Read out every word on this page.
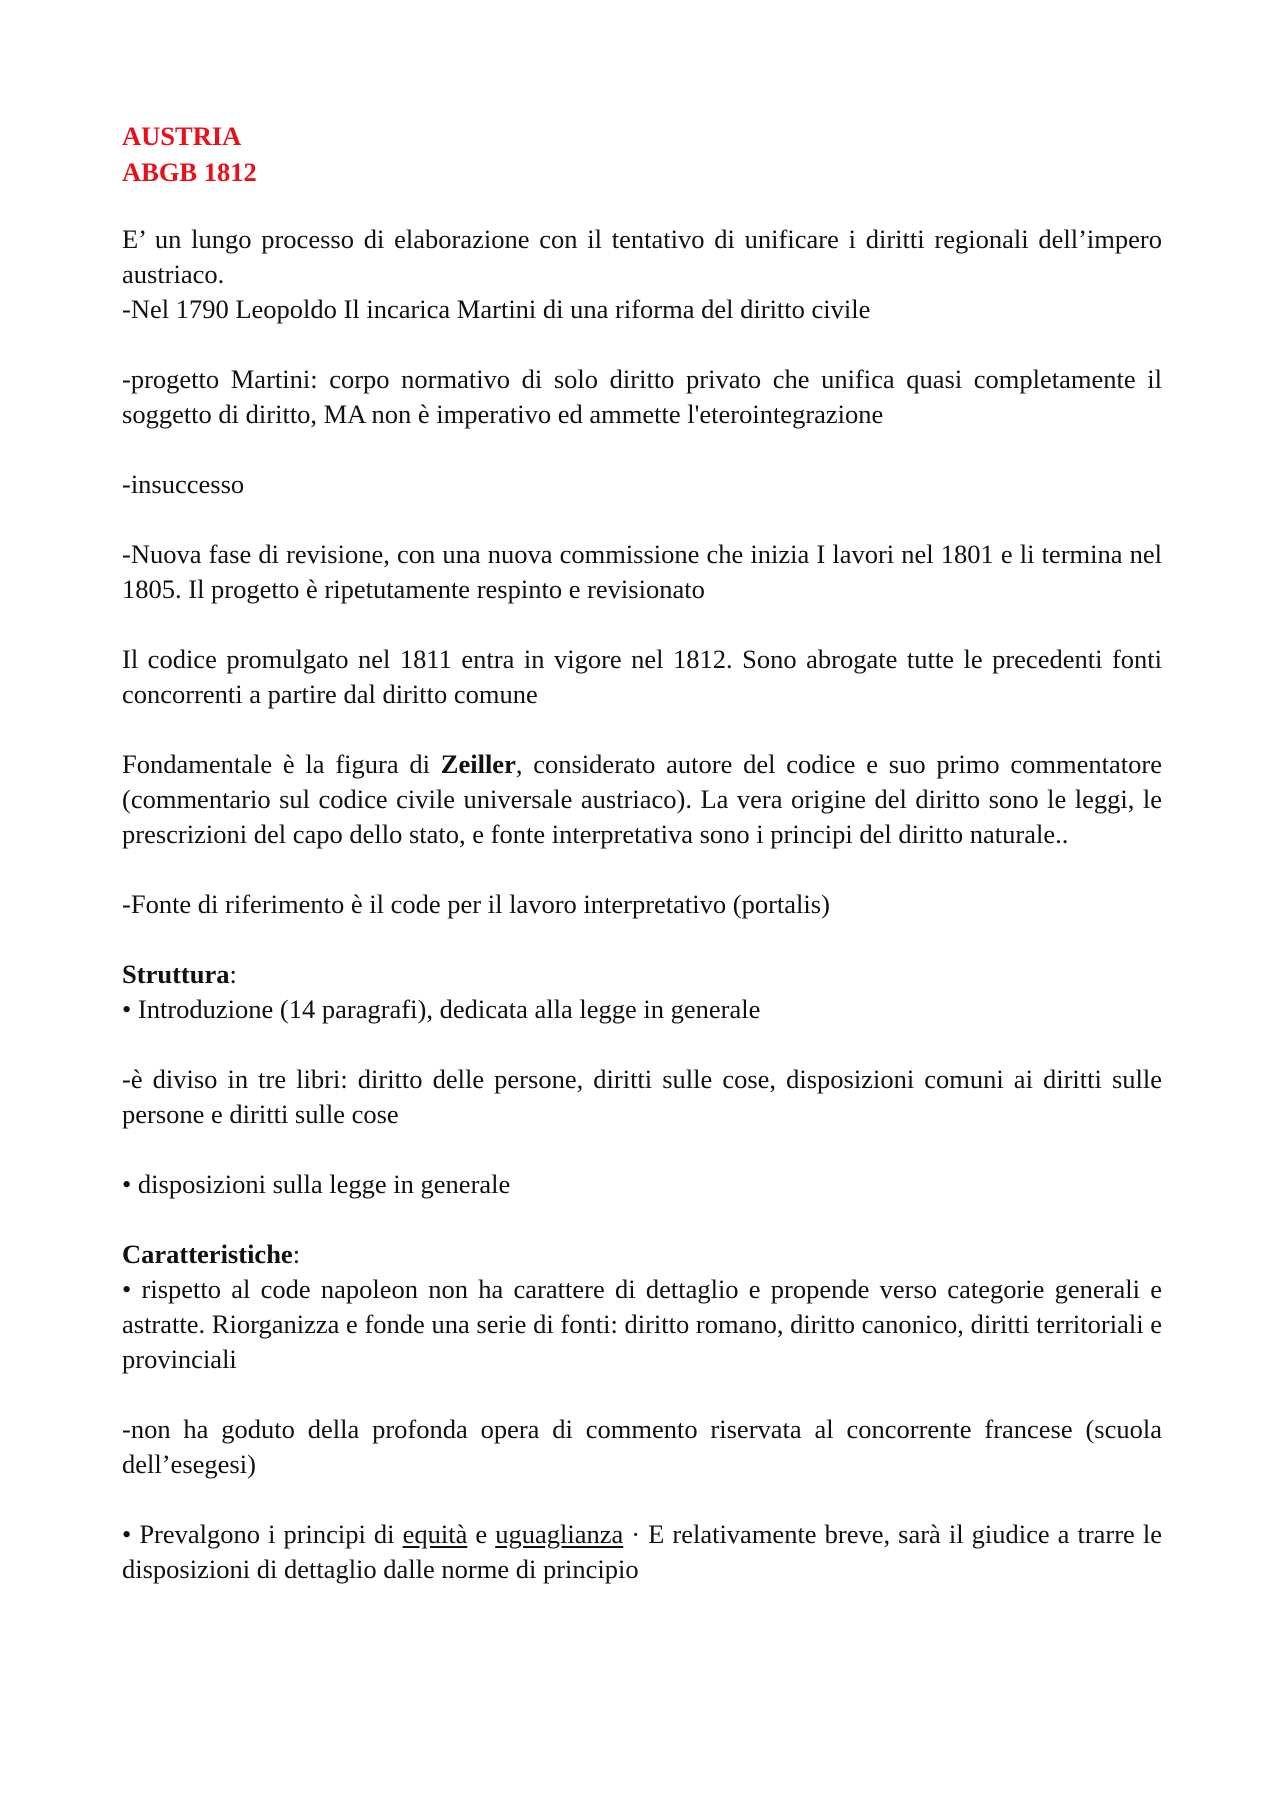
AUSTRIA
ABGB 1812

E’ un lungo processo di elaborazione con il tentativo di unificare i diritti regionali dell’impero austriaco.

-Nel 1790 Leopoldo Il incarica Martini di una riforma del diritto civile

-progetto Martini: corpo normativo di solo diritto privato che unifica quasi completamente il soggetto di diritto, MA non è imperativo ed ammette l'eterointegrazione

-insuccesso

-Nuova fase di revisione, con una nuova commissione che inizia I lavori nel 1801 e li termina nel 1805. Il progetto è ripetutamente respinto e revisionato

Il codice promulgato nel 1811 entra in vigore nel 1812. Sono abrogate tutte le precedenti fonti concorrenti a partire dal diritto comune

Fondamentale è la figura di Zeiller, considerato autore del codice e suo primo commentatore (commentario sul codice civile universale austriaco). La vera origine del diritto sono le leggi, le prescrizioni del capo dello stato, e fonte interpretativa sono i principi del diritto naturale..

-Fonte di riferimento è il code per il lavoro interpretativo (portalis)

Struttura:

• Introduzione (14 paragrafi), dedicata alla legge in generale

-è diviso in tre libri: diritto delle persone, diritti sulle cose, disposizioni comuni ai diritti sulle persone e diritti sulle cose

• disposizioni sulla legge in generale

Caratteristiche:

• rispetto al code napoleon non ha carattere di dettaglio e propende verso categorie generali e astratte. Riorganizza e fonde una serie di fonti: diritto romano, diritto canonico, diritti territoriali e provinciali

-non ha goduto della profonda opera di commento riservata al concorrente francese (scuola dell’esegesi)

• Prevalgono i principi di equità e uguaglianza · E relativamente breve, sarà il giudice a trarre le disposizioni di dettaglio dalle norme di principio
